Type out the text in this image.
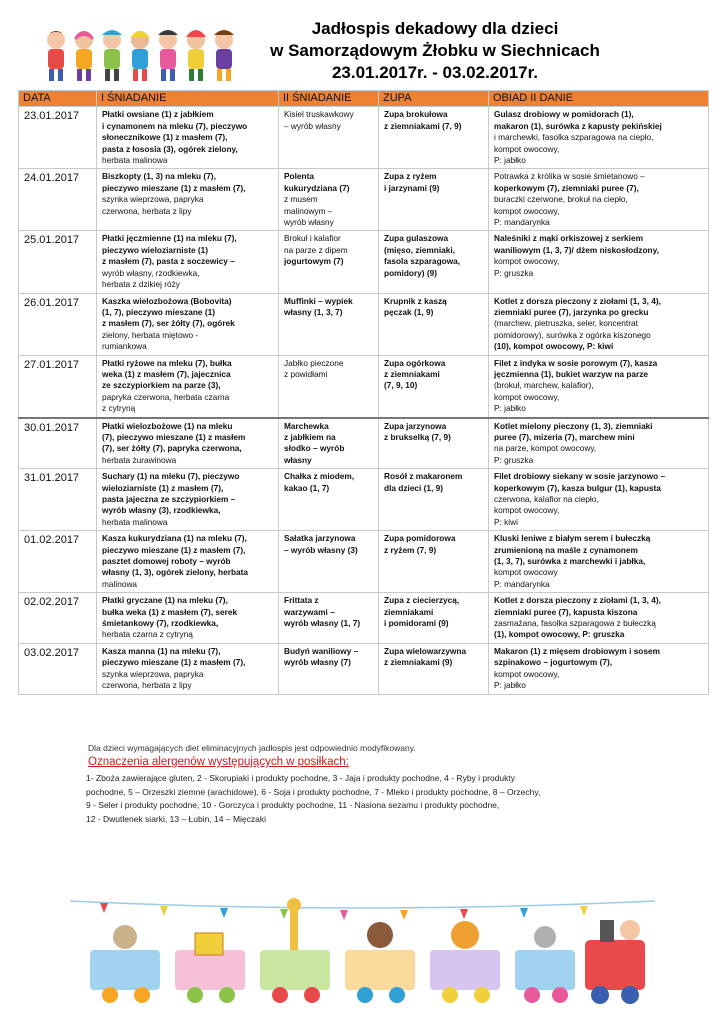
Jadłospis dekadowy dla dzieci
w Samorządowym Żłobku w Siechnicach
23.01.2017r. - 03.02.2017r.
DATA	I ŚNIADANIE	II ŚNIADANIE	ZUPA	OBIAD II DANIE
23.01.2017	Płatki owsiane (1) z jabłkiem
i cynamonem na mleku (7), pieczywo
słonecznikowe (1) z masłem (7),
pasta z łososia (3), ogórek zielony,
herbata malinowa	Kisiel truskawkowy
– wyrób własny	Zupa brokułowa
z ziemniakami (7, 9)	Gulasz drobiowy w pomidorach (1),
makaron (1), surówka z kapusty pekińskiej
i marchewki, fasolka szparagowa na ciepło,
kompot owocowy,
P: jabłko

24.01.2017	Biszkopty (1, 3) na mleku (7),
pieczywo mieszane (1) z masłem (7),
szynka wieprzowa, papryka
czerwona, herbata z lipy	Polenta
kukurydziana (7)
z musem
malinowym –
wyrób własny	Zupa z ryżem
i jarzynami (9)	Potrawka z królika w sosie śmietanowo –
koperkowym (7), ziemniaki puree (7),
buraczki czerwone, brokuł na ciepło,
kompot owocowy,
P: mandarynka

25.01.2017	Płatki jęczmienne (1) na mleku (7),
pieczywo wieloziarniste (1)
z masłem (7), pasta z soczewicy –
wyrób własny, rzodkiewka,
herbata z dzikiej róży	Brokuł i kalafior
na parze z dipem
jogurtowym (7)	Zupa gulaszowa
(mięso, ziemniaki,
fasola szparagowa,
pomidory) (9)	Naleśniki z mąki orkiszowej z serkiem
waniliowym (1, 3, 7)/ dżem niskosłodzony,
kompot owocowy,
P: gruszka

26.01.2017	Kaszka wielozbożowa (Bobovita)
(1, 7), pieczywo mieszane (1)
z masłem (7), ser żółty (7), ogórek
zielony, herbata miętowo -
rumiankowa	Muffinki – wypiek
własny (1, 3, 7)	Krupnik z kaszą
pęczak (1, 9)	Kotlet z dorsza pieczony z ziołami (1, 3, 4),
ziemniaki puree (7), jarzynka po grecku
(marchew, pietruszka, seler, koncentrat
pomidorowy), surówka z ogórka kiszonego
(10), kompot owocowy, P: kiwi

27.01.2017	Płatki ryżowe na mleku (7), bułka
weka (1) z masłem (7), jajecznica
ze szczypiorkiem na parze (3),
papryka czerwona, herbata czarna
z cytryną	Jabłko pieczone
z powidłami	Zupa ogórkowa
z ziemniakami
(7, 9, 10)	Filet z indyka w sosie porowym (7), kasza
jęczmienna (1), bukiet warzyw na parze
(brokuł, marchew, kalafior),
kompot owocowy,
P: jabłko

30.01.2017	Płatki wielozbożowe (1) na mleku
(7), pieczywo mieszane (1) z masłem
(7), ser żółty (7), papryka czerwona,
herbata żurawinowa	Marchewka
z jabłkiem na
słodko – wyrób
własny	Zupa jarzynowa
z brukselką (7, 9)	Kotlet mielony pieczony (1, 3), ziemniaki
puree (7), mizeria (7), marchew mini
na parze, kompot owocowy,
P: gruszka

31.01.2017	Suchary (1) na mleku (7), pieczywo
wieloziarniste (1) z masłem (7),
pasta jajeczna ze szczypiorkiem –
wyrób własny (3), rzodkiewka,
herbata malinowa	Chałka z miodem,
kakao (1, 7)	Rosół z makaronem
dla dzieci (1, 9)	Filet drobiowy siekany w sosie jarzynowo –
koperkowym (7), kasza bulgur (1), kapusta
czerwona, kalafior na ciepło,
kompot owocowy,
P: kiwi

01.02.2017	Kasza kukurydziana (1) na mleku (7),
pieczywo mieszane (1) z masłem (7),
pasztet domowej roboty – wyrób
własny (1, 3), ogórek zielony, herbata
malinowa	Sałatka jarzynowa
– wyrób własny (3)	Zupa pomidorowa
z ryżem (7, 9)	Kluski leniwe z białym serem i bułeczką
zrumienioną na maśle z cynamonem
(1, 3, 7), surówka z marchewki i jabłka,
kompot owocowy
P: mandarynka

02.02.2017	Płatki gryczane (1) na mleku (7),
bułka weka (1) z masłem (7), serek
śmietankowy (7), rzodkiewka,
herbata czarna z cytryną	Frittata z
warzywami –
wyrób własny (1, 7)	Zupa z ciecierzycą,
ziemniakami
i pomidorami (9)	Kotlet z dorsza pieczony z ziołami (1, 3, 4),
ziemniaki puree (7), kapusta kiszona
zasmażana, fasolka szparagowa z bułeczką
(1), kompot owocowy, P: gruszka

03.02.2017	Kasza manna (1) na mleku (7),
pieczywo mieszane (1) z masłem (7),
szynka wieprzowa, papryka
czerwona, herbata z lipy	Budyń waniliowy –
wyrób własny (7)	Zupa wielowarzywna
z ziemniakami (9)	Makaron (1) z mięsem drobiowym i sosem
szpinakowo – jogurtowym (7),
kompot owocowy,
P: jabłko
Dla dzieci wymagających diet eliminacyjnych jadłospis jest odpowiednio modyfikowany.
Oznaczenia alergenów występujących w posiłkach:
1- Zboża zawierające gluten, 2 - Skorupiaki i produkty pochodne, 3 - Jaja i produkty pochodne, 4 - Ryby i produkty
pochodne, 5 – Orzeszki ziemne (arachidowe), 6 - Soja i produkty pochodne, 7 - Mleko i produkty pochodne, 8 – Orzechy,
9 - Seler i produkty pochodne, 10 - Gorczyca i produkty pochodne, 11 - Nasiona sezamu i produkty pochodne,
12 - Dwutlenek siarki, 13 – Łubin, 14 – Mięczaki
